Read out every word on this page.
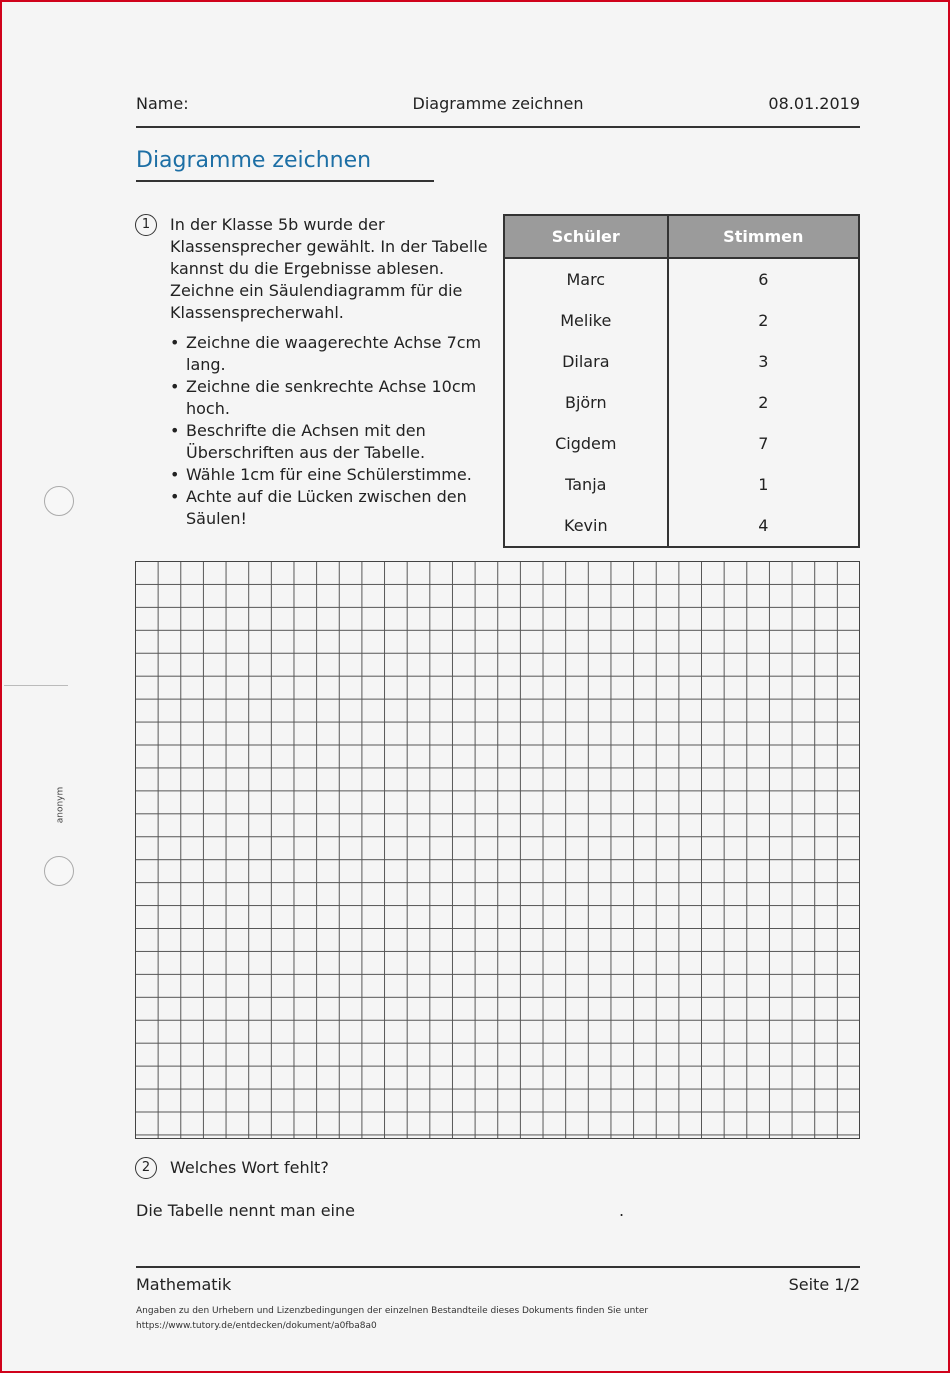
Name:	Diagramme zeichnen	08.01.2019
Diagramme zeichnen
1	In der Klasse 5b wurde der Klassensprecher gewählt. In der Tabelle kannst du die Ergebnisse ablesen. Zeichne ein Säulendiagramm für die Klassensprecherwahl.

• Zeichne die waagerechte Achse 7cm lang.
• Zeichne die senkrechte Achse 10cm hoch.
• Beschrifte die Achsen mit den Überschriften aus der Tabelle.
• Wähle 1cm für eine Schülerstimme.
• Achte auf die Lücken zwischen den Säulen!
Schüler	Stimmen
Marc	6
Melike	2
Dilara	3
Björn	2
Cigdem	7
Tanja	1
Kevin	4
2	Welches Wort fehlt?
Die Tabelle nennt man eine	.
Mathematik	Seite 1/2
Angaben zu den Urhebern und Lizenzbedingungen der einzelnen Bestandteile dieses Dokuments finden Sie unter
https://www.tutory.de/entdecken/dokument/a0fba8a0
anonym
